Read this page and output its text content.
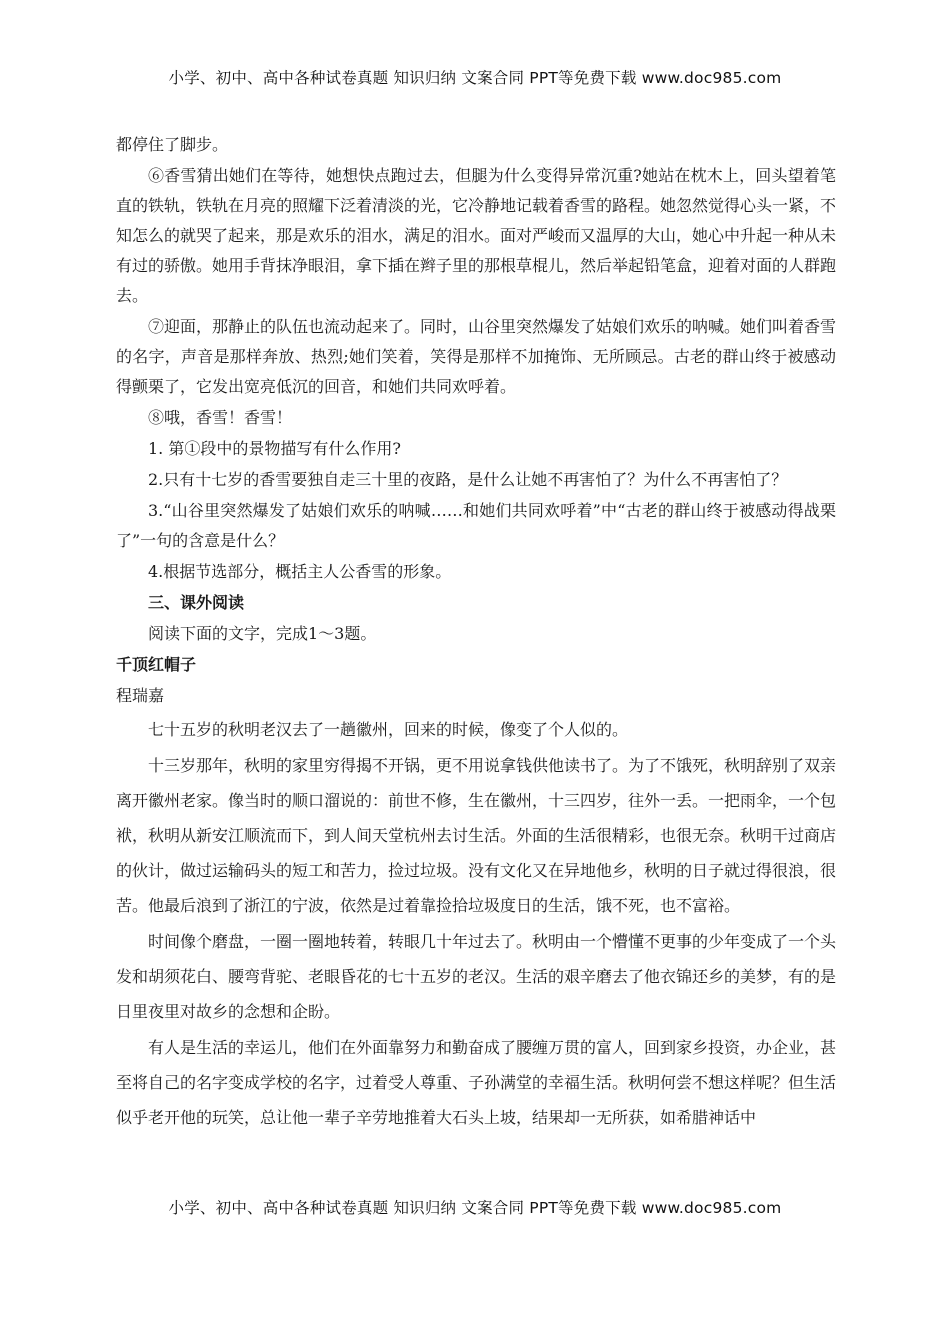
小学、初中、高中各种试卷真题 知识归纳 文案合同 PPT等免费下载 www.doc985.com

都停住了脚步。

⑥香雪猜出她们在等待，她想快点跑过去，但腿为什么变得异常沉重?她站在枕木上，回头望着笔直的铁轨，铁轨在月亮的照耀下泛着清淡的光，它冷静地记载着香雪的路程。她忽然觉得心头一紧，不知怎么的就哭了起来，那是欢乐的泪水，满足的泪水。面对严峻而又温厚的大山，她心中升起一种从未有过的骄傲。她用手背抹净眼泪，拿下插在辫子里的那根草棍儿，然后举起铅笔盒，迎着对面的人群跑去。

⑦迎面，那静止的队伍也流动起来了。同时，山谷里突然爆发了姑娘们欢乐的呐喊。她们叫着香雪的名字，声音是那样奔放、热烈;她们笑着，笑得是那样不加掩饰、无所顾忌。古老的群山终于被感动得颤栗了，它发出宽亮低沉的回音，和她们共同欢呼着。

⑧哦，香雪！香雪！

1. 第①段中的景物描写有什么作用?

2.只有十七岁的香雪要独自走三十里的夜路，是什么让她不再害怕了？为什么不再害怕了？

3.“山谷里突然爆发了姑娘们欢乐的呐喊……和她们共同欢呼着”中“古老的群山终于被感动得战栗了”一句的含意是什么？

4.根据节选部分，概括主人公香雪的形象。

三、课外阅读

阅读下面的文字，完成1～3题。

千顶红帽子

程瑞嘉

七十五岁的秋明老汉去了一趟徽州，回来的时候，像变了个人似的。

十三岁那年，秋明的家里穷得揭不开锅，更不用说拿钱供他读书了。为了不饿死，秋明辞别了双亲离开徽州老家。像当时的顺口溜说的：前世不修，生在徽州，十三四岁，往外一丢。一把雨伞，一个包袱，秋明从新安江顺流而下，到人间天堂杭州去讨生活。外面的生活很精彩，也很无奈。秋明干过商店的伙计，做过运输码头的短工和苦力，捡过垃圾。没有文化又在异地他乡，秋明的日子就过得很浪，很苦。他最后浪到了浙江的宁波，依然是过着靠捡拾垃圾度日的生活，饿不死，也不富裕。

时间像个磨盘，一圈一圈地转着，转眼几十年过去了。秋明由一个懵懂不更事的少年变成了一个头发和胡须花白、腰弯背驼、老眼昏花的七十五岁的老汉。生活的艰辛磨去了他衣锦还乡的美梦，有的是日里夜里对故乡的念想和企盼。

有人是生活的幸运儿，他们在外面靠努力和勤奋成了腰缠万贯的富人，回到家乡投资，办企业，甚至将自己的名字变成学校的名字，过着受人尊重、子孙满堂的幸福生活。秋明何尝不想这样呢？但生活似乎老开他的玩笑，总让他一辈子辛劳地推着大石头上坡，结果却一无所获，如希腊神话中

小学、初中、高中各种试卷真题 知识归纳 文案合同 PPT等免费下载 www.doc985.com
